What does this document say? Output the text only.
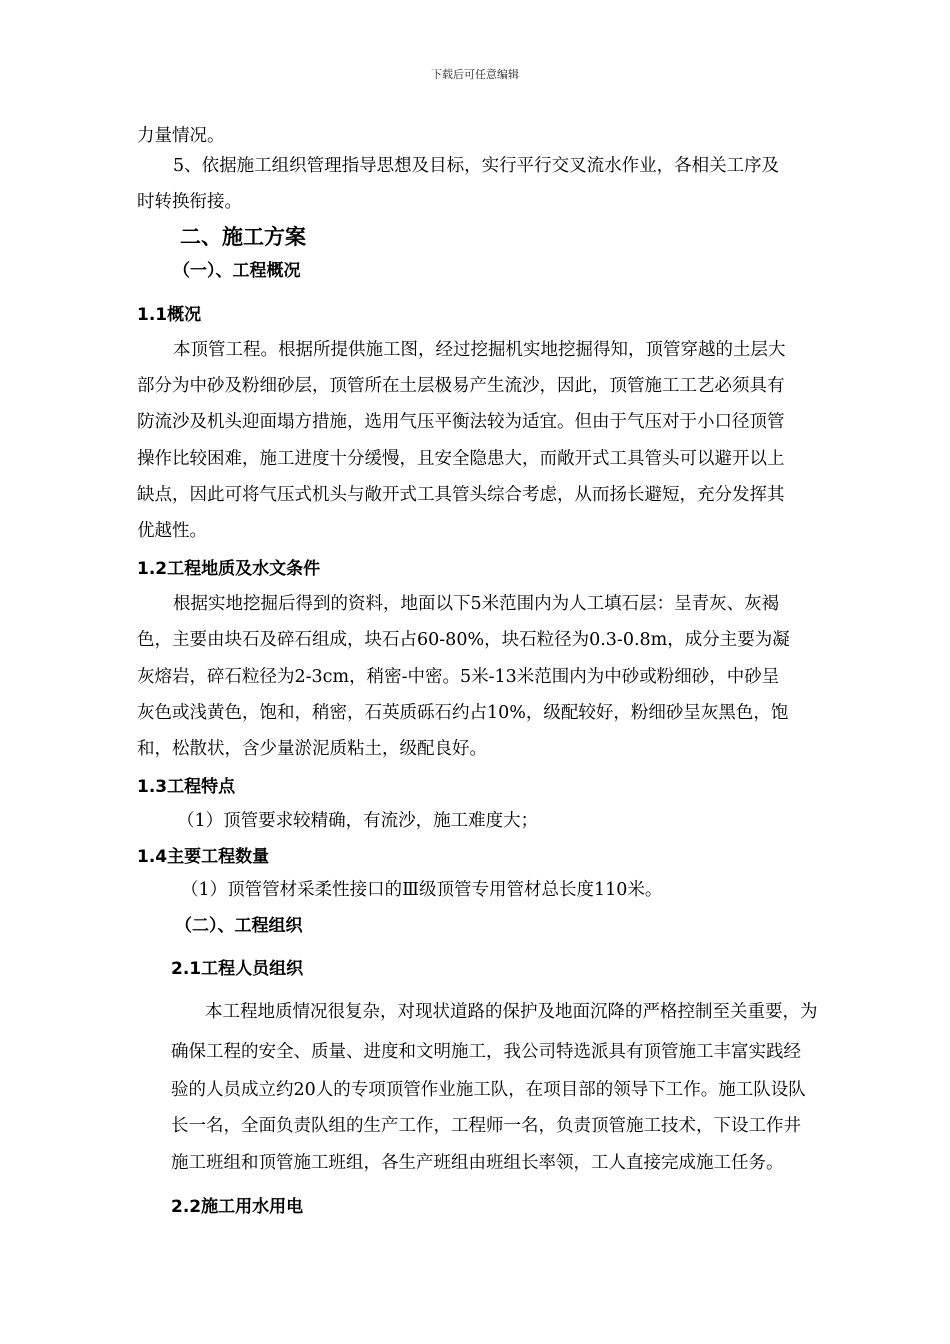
下载后可任意编辑
力量情况。
5、依据施工组织管理指导思想及目标，实行平行交叉流水作业，各相关工序及
时转换衔接。
二、施工方案
（一）、工程概况
1.1概况
本顶管工程。根据所提供施工图，经过挖掘机实地挖掘得知，顶管穿越的土层大
部分为中砂及粉细砂层，顶管所在土层极易产生流沙，因此，顶管施工工艺必须具有
防流沙及机头迎面塌方措施，选用气压平衡法较为适宜。但由于气压对于小口径顶管
操作比较困难，施工进度十分缓慢，且安全隐患大，而敞开式工具管头可以避开以上
缺点，因此可将气压式机头与敞开式工具管头综合考虑，从而扬长避短，充分发挥其
优越性。
1.2工程地质及水文条件
根据实地挖掘后得到的资料，地面以下5米范围内为人工填石层：呈青灰、灰褐
色，主要由块石及碎石组成，块石占60-80%，块石粒径为0.3-0.8m，成分主要为凝
灰熔岩，碎石粒径为2-3cm，稍密-中密。5米-13米范围内为中砂或粉细砂，中砂呈
灰色或浅黄色，饱和，稍密，石英质砾石约占10%，级配较好，粉细砂呈灰黑色，饱
和，松散状，含少量淤泥质粘土，级配良好。
1.3工程特点
（1）顶管要求较精确，有流沙，施工难度大；
1.4主要工程数量
（1）顶管管材采柔性接口的Ⅲ级顶管专用管材总长度110米。
（二）、工程组织
2.1工程人员组织
本工程地质情况很复杂，对现状道路的保护及地面沉降的严格控制至关重要，为
确保工程的安全、质量、进度和文明施工，我公司特选派具有顶管施工丰富实践经
验的人员成立约20人的专项顶管作业施工队，在项目部的领导下工作。施工队设队
长一名，全面负责队组的生产工作，工程师一名，负责顶管施工技术，下设工作井
施工班组和顶管施工班组，各生产班组由班组长率领，工人直接完成施工任务。
2.2施工用水用电
